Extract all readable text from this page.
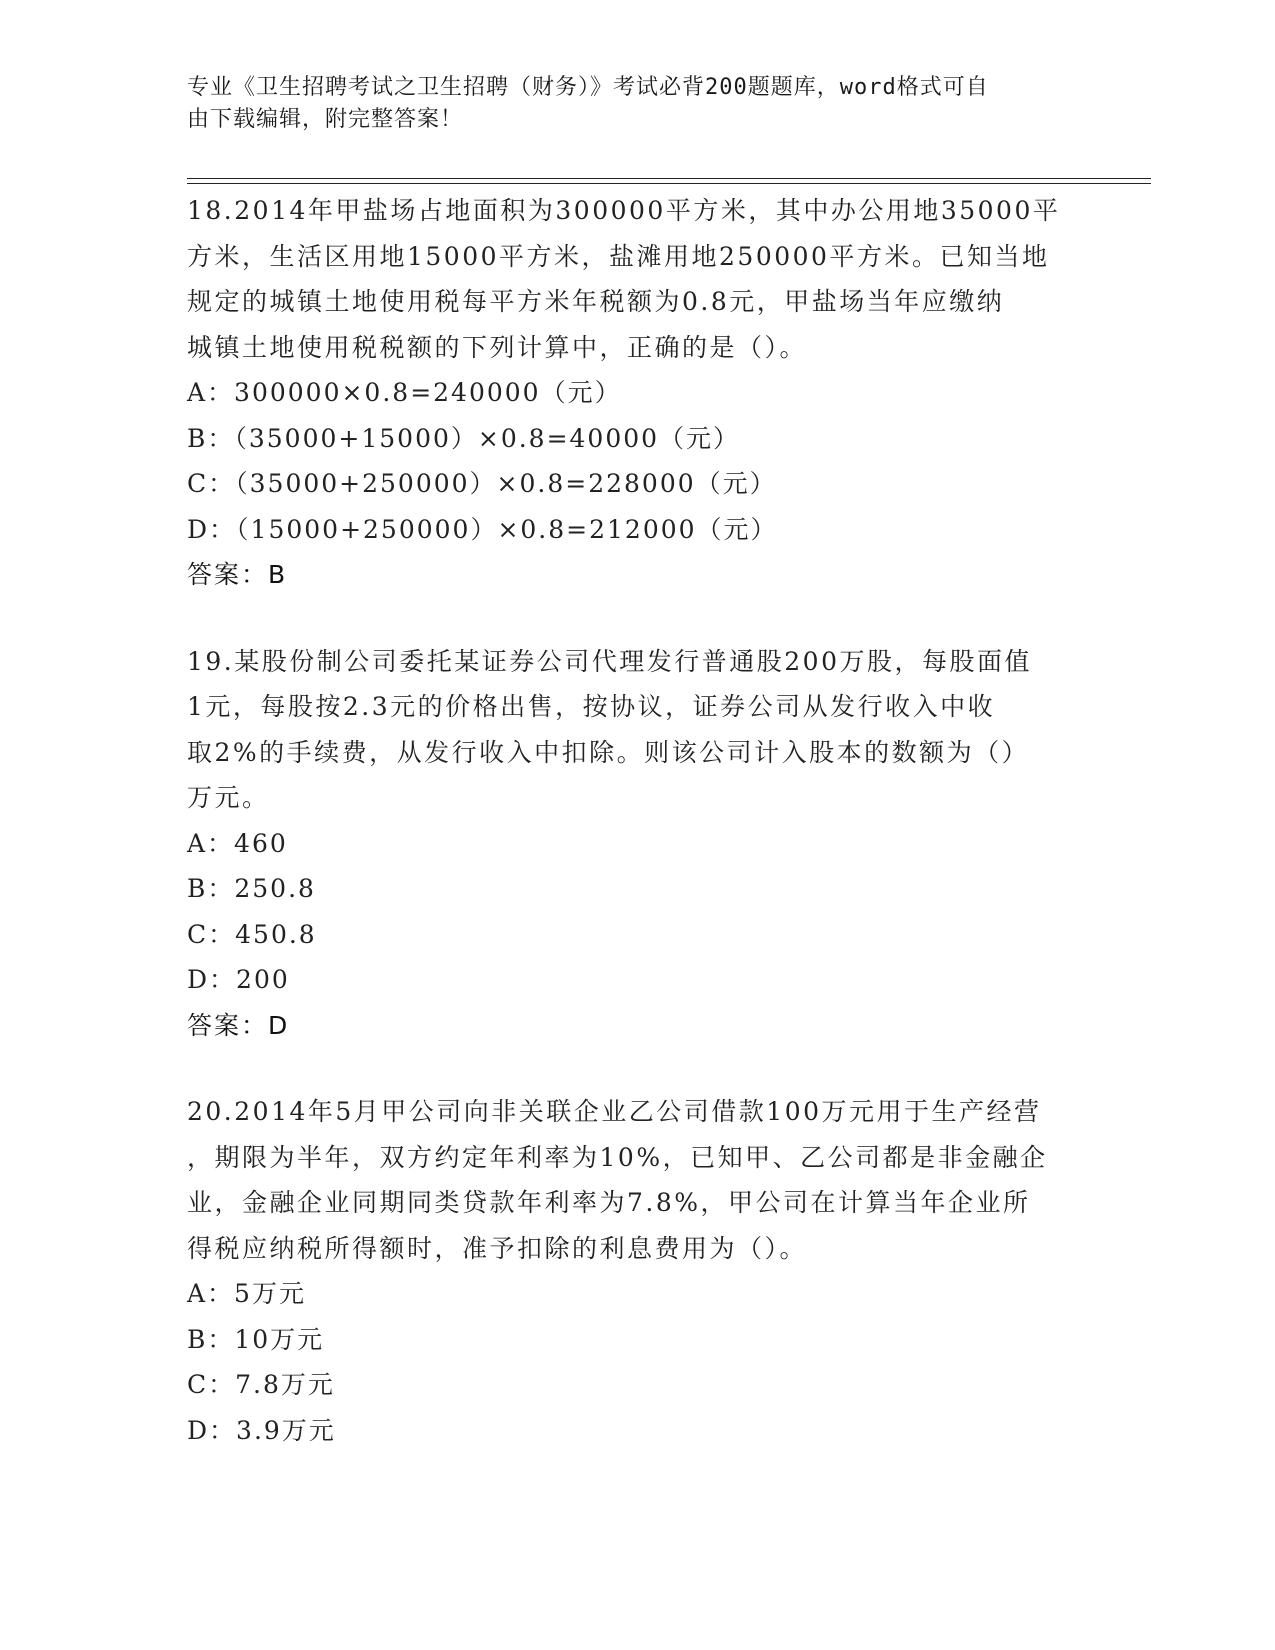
专业《卫生招聘考试之卫生招聘（财务）》考试必背200题题库，word格式可自
由下载编辑，附完整答案！

18.2014年甲盐场占地面积为300000平方米，其中办公用地35000平

方米，生活区用地15000平方米，盐滩用地250000平方米。已知当地

规定的城镇土地使用税每平方米年税额为0.8元，甲盐场当年应缴纳

城镇土地使用税税额的下列计算中，正确的是（）。

A：300000×0.8=240000（元）

B：（35000+15000）×0.8=40000（元）

C：（35000+250000）×0.8=228000（元）

D：（15000+250000）×0.8=212000（元）

答案：B

19.某股份制公司委托某证券公司代理发行普通股200万股，每股面值

1元，每股按2.3元的价格出售，按协议，证券公司从发行收入中收

取2%的手续费，从发行收入中扣除。则该公司计入股本的数额为（）

万元。

A：460

B：250.8

C：450.8

D：200

答案：D

20.2014年5月甲公司向非关联企业乙公司借款100万元用于生产经营

，期限为半年，双方约定年利率为10%，已知甲、乙公司都是非金融企

业，金融企业同期同类贷款年利率为7.8%，甲公司在计算当年企业所

得税应纳税所得额时，准予扣除的利息费用为（）。

A：5万元

B：10万元

C：7.8万元

D：3.9万元
